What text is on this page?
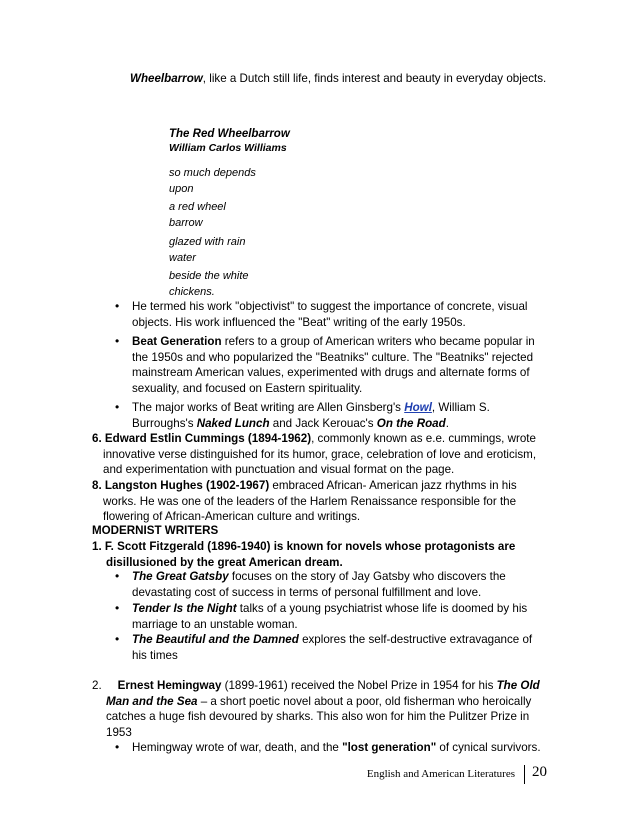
Wheelbarrow, like a Dutch still life, finds interest and beauty in everyday objects.
The Red Wheelbarrow
William Carlos Williams
so much depends
upon
a red wheel
barrow
glazed with rain
water
beside the white
chickens.
• He termed his work "objectivist" to suggest the importance of concrete, visual
objects. His work influenced the "Beat" writing of the early 1950s.
• Beat Generation refers to a group of American writers who became popular in
the 1950s and who popularized the "Beatniks" culture. The "Beatniks" rejected
mainstream American values, experimented with drugs and alternate forms of
sexuality, and focused on Eastern spirituality.
• The major works of Beat writing are Allen Ginsberg's Howl, William S.
Burroughs's Naked Lunch and Jack Kerouac's On the Road.
6. Edward Estlin Cummings (1894-1962), commonly known as e.e. cummings, wrote
innovative verse distinguished for its humor, grace, celebration of love and eroticism,
and experimentation with punctuation and visual format on the page.
8. Langston Hughes (1902-1967) embraced African- American jazz rhythms in his
works. He was one of the leaders of the Harlem Renaissance responsible for the
flowering of African-American culture and writings.
MODERNIST WRITERS
1. F. Scott Fitzgerald (1896-1940) is known for novels whose protagonists are
disillusioned by the great American dream.
• The Great Gatsby focuses on the story of Jay Gatsby who discovers the
devastating cost of success in terms of personal fulfillment and love.
• Tender Is the Night talks of a young psychiatrist whose life is doomed by his
marriage to an unstable woman.
• The Beautiful and the Damned explores the self-destructive extravagance of
his times
2. Ernest Hemingway (1899-1961) received the Nobel Prize in 1954 for his The Old
Man and the Sea – a short poetic novel about a poor, old fisherman who heroically
catches a huge fish devoured by sharks. This also won for him the Pulitzer Prize in
1953
• Hemingway wrote of war, death, and the "lost generation" of cynical survivors.
English and American Literatures 20
